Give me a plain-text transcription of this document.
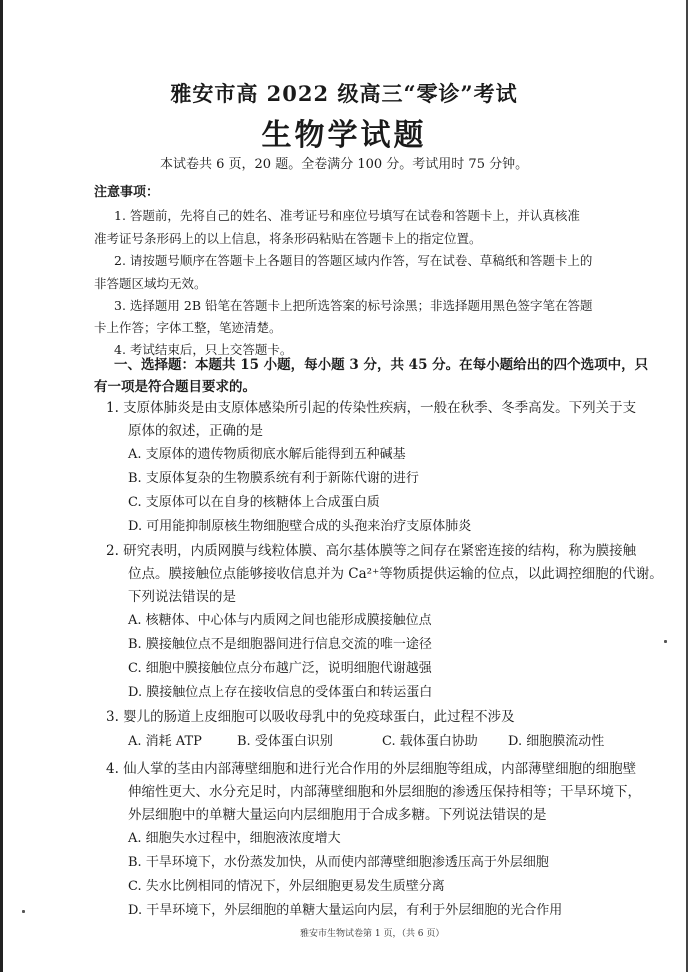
雅安市高 2022 级高三“零诊”考试
生物学试题
本试卷共 6 页，20 题。全卷满分 100 分。考试用时 75 分钟。
注意事项：
1. 答题前，先将自己的姓名、准考证号和座位号填写在试卷和答题卡上，并认真核准
准考证号条形码上的以上信息，将条形码粘贴在答题卡上的指定位置。
2. 请按题号顺序在答题卡上各题目的答题区域内作答，写在试卷、草稿纸和答题卡上的
非答题区域均无效。
3. 选择题用 2B 铅笔在答题卡上把所选答案的标号涂黑；非选择题用黑色签字笔在答题
卡上作答；字体工整，笔迹清楚。
4. 考试结束后，只上交答题卡。
一、选择题：本题共 15 小题，每小题 3 分，共 45 分。在每小题给出的四个选项中，只
有一项是符合题目要求的。
1. 支原体肺炎是由支原体感染所引起的传染性疾病，一般在秋季、冬季高发。下列关于支
原体的叙述，正确的是
A. 支原体的遗传物质彻底水解后能得到五种碱基
B. 支原体复杂的生物膜系统有利于新陈代谢的进行
C. 支原体可以在自身的核糖体上合成蛋白质
D. 可用能抑制原核生物细胞壁合成的头孢来治疗支原体肺炎
2. 研究表明，内质网膜与线粒体膜、高尔基体膜等之间存在紧密连接的结构，称为膜接触
位点。膜接触位点能够接收信息并为 Ca²⁺等物质提供运输的位点，以此调控细胞的代谢。
下列说法错误的是
A. 核糖体、中心体与内质网之间也能形成膜接触位点
B. 膜接触位点不是细胞器间进行信息交流的唯一途径
C. 细胞中膜接触位点分布越广泛，说明细胞代谢越强
D. 膜接触位点上存在接收信息的受体蛋白和转运蛋白
3. 婴儿的肠道上皮细胞可以吸收母乳中的免疫球蛋白，此过程不涉及
A. 消耗 ATP	B. 受体蛋白识别	C. 载体蛋白协助 D. 细胞膜流动性
4. 仙人掌的茎由内部薄壁细胞和进行光合作用的外层细胞等组成，内部薄壁细胞的细胞壁
伸缩性更大、水分充足时，内部薄壁细胞和外层细胞的渗透压保持相等；干旱环境下，
外层细胞中的单糖大量运向内层细胞用于合成多糖。下列说法错误的是
A. 细胞失水过程中，细胞液浓度增大
B. 干旱环境下，水份蒸发加快，从而使内部薄壁细胞渗透压高于外层细胞
C. 失水比例相同的情况下，外层细胞更易发生质壁分离
D. 干旱环境下，外层细胞的单糖大量运向内层，有利于外层细胞的光合作用
雅安市生物试卷第 1 页，（共 6 页）
